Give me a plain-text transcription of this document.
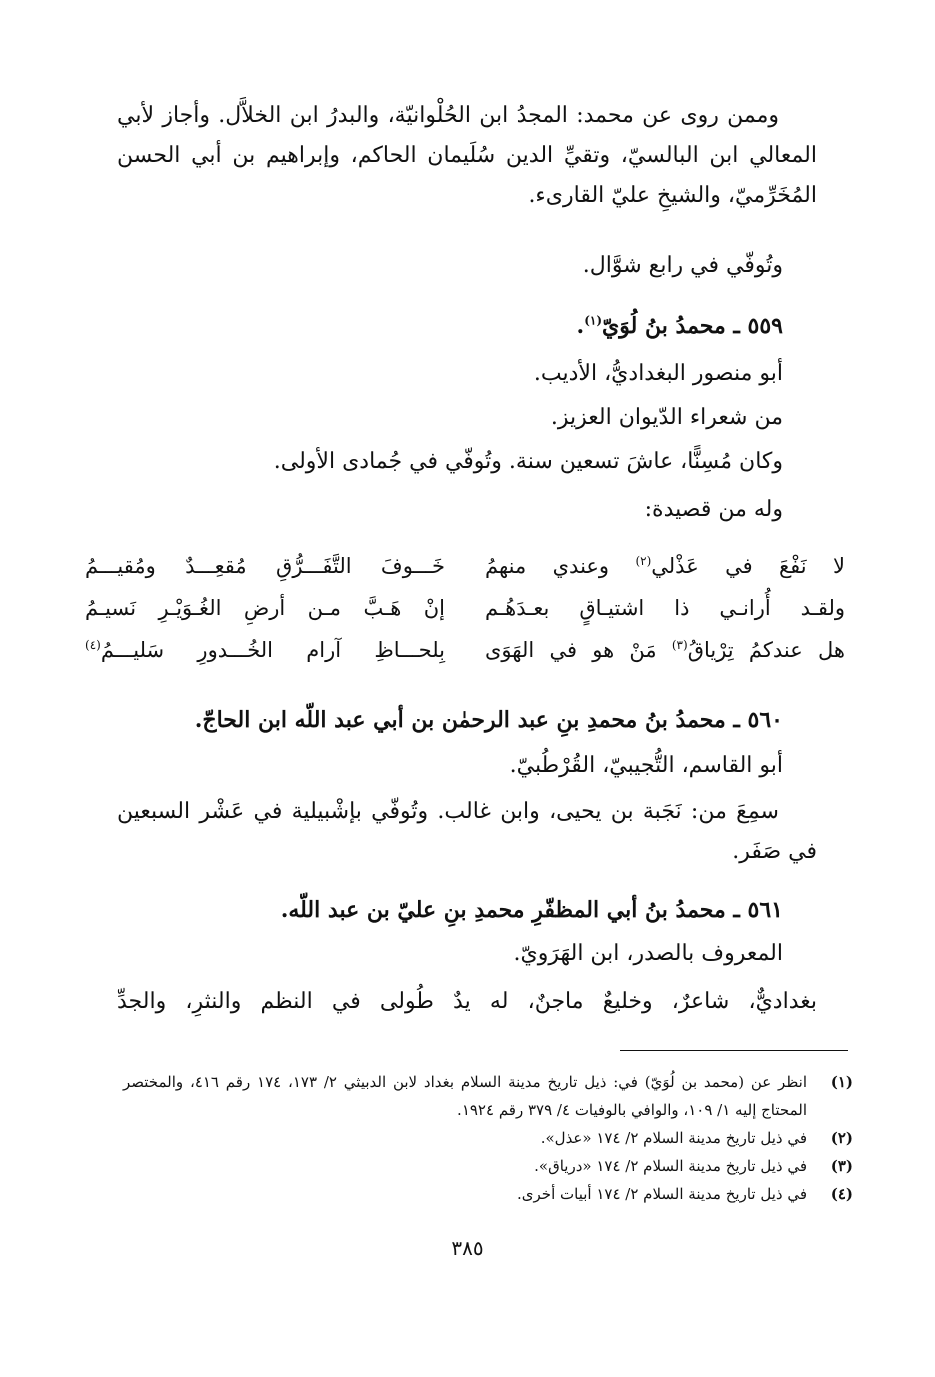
وممن روى عن محمد: المجدُ ابن الحُلْوانيّة، والبدرُ ابن الخلاَّل. وأجاز لأبي المعالي ابن البالسيّ، وتقيِّ الدين سُلَيمان الحاكم، وإبراهيم بن أبي الحسن المُخَرِّميّ، والشيخِ عليّ القارىء.

وتُوفّي في رابع شوَّال.

٥٥٩ ـ محمدُ بنُ لُوَيّ$^{(١)}$.

أبو منصور البغداديُّ، الأديب.

من شعراء الدّيوان العزيز.

وكان مُسِنًّا، عاشَ تسعين سنة. وتُوفّي في جُمادى الأولى.

وله من قصيدة:

لا نَفْعَ في عَذْلي$^{(٢)}$ وعندي منهمُ
خَـــوفَ التَّفَـــرُّقِ مُقعِـــدٌ ومُقيـــمُ
ولقـد أُرانـي ذا اشتيـاقٍ بعـدَهُـم
إنْ هَـبَّ مـن أرضِ الغُـوَيْـرِ نَسيـمُ
هل عندكمُ تِرْياقُ$^{(٣)}$ مَنْ هو في الهَوَى
بِلحـــاظِ آرام الخُـــدورِ سَليـــمُ$^{(٤)}$

٥٦٠ ـ محمدُ بنُ محمدِ بنِ عبد الرحمٰن بن أبي عبد اللّه ابن الحاجّ.

أبو القاسم، التُّجيبيّ، القُرْطُبيّ.

سمِعَ من: نَجَبة بن يحيى، وابن غالب. وتُوفّي بإشْبيلية في عَشْر السبعين في صَفَر.

٥٦١ ـ محمدُ بنُ أبي المظفّرِ محمدِ بنِ عليّ بن عبد اللّه.

المعروف بالصدر، ابن الهَرَويّ.

بغداديٌّ، شاعرٌ، وخليعٌ ماجنٌ، له يدٌ طُولى في النظم والنثرِ، والجدِّ

(١)
انظر عن (محمد بن لُوَيّ) في: ذيل تاريخ مدينة السلام بغداد لابن الدبيثي ٢/ ١٧٣، ١٧٤ رقم ٤١٦، والمختصر المحتاج إليه ١/ ١٠٩، والوافي بالوفيات ٤/ ٣٧٩ رقم ١٩٢٤.
(٢)
في ذيل تاريخ مدينة السلام ٢/ ١٧٤ «عذل».
(٣)
في ذيل تاريخ مدينة السلام ٢/ ١٧٤ «درياق».
(٤)
في ذيل تاريخ مدينة السلام ٢/ ١٧٤ أبيات أخرى.
٣٨٥
